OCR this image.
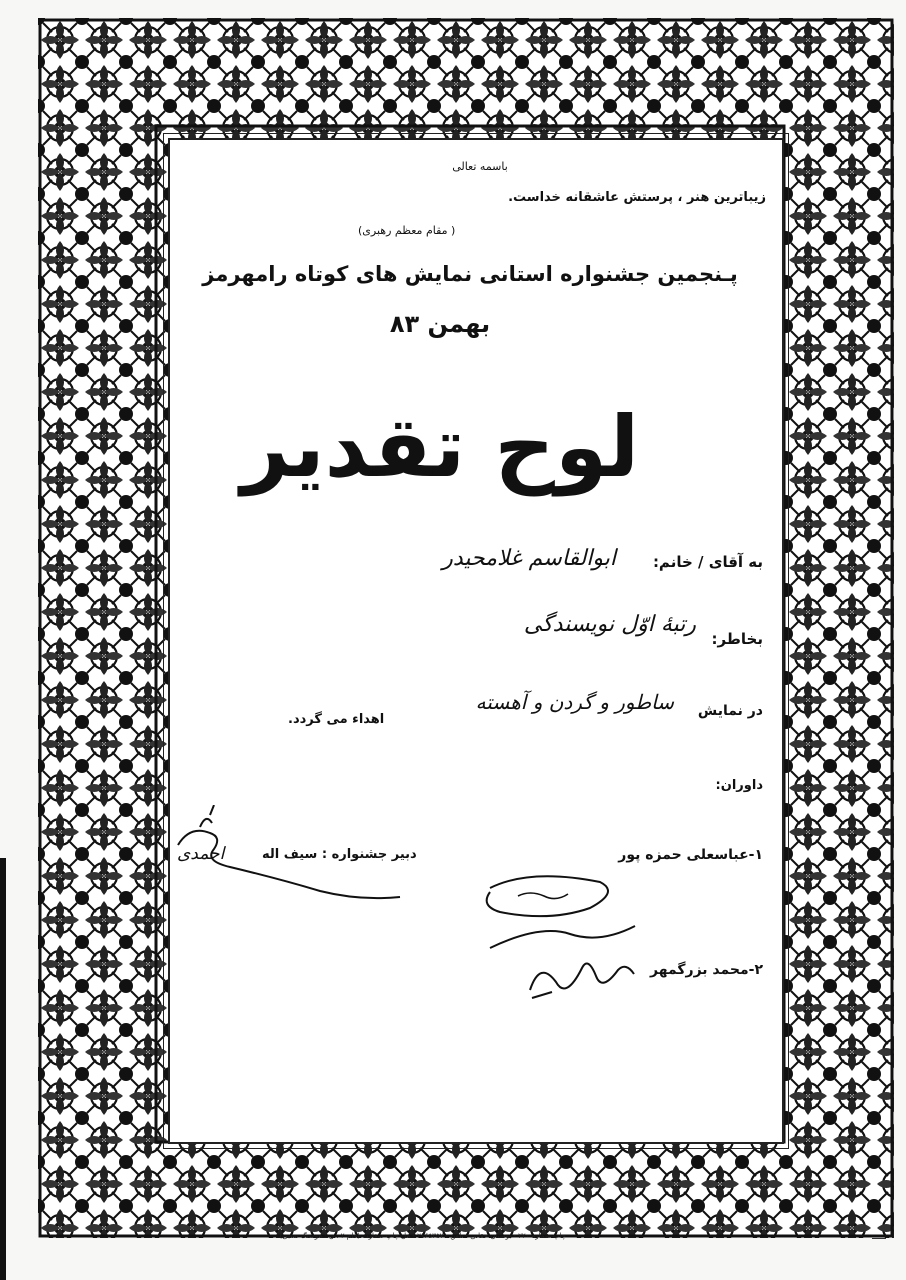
باسمه تعالی
زیباترین هنر ، پرستش عاشقانه خداست.
( مقام معظم رهبری)
پـنجمین جشنواره استانی نمایش های کوتاه رامهرمز
بهمن ۸۳
لوح تقدیر
به آقای / خانم:
ابوالقاسم غلامحیدر
بخاطر:
رتبهٔ اوّل نویسندگی
در نمایش
ساطور و گردن و آهسته
اهداء می گردد.
داوران:
۱-عباسعلی حمزه پور
۲-محمد بزرگمهر
دبیر جشنواره : سیف اله
احمدی
چاپ شماره ۲۲۰ - بوستان حقانی - تلفن : ۲۱۶۵۳۵۷ - مل چاپ سفارت (قلم ۲ . ن : موشنگ نسبی)
